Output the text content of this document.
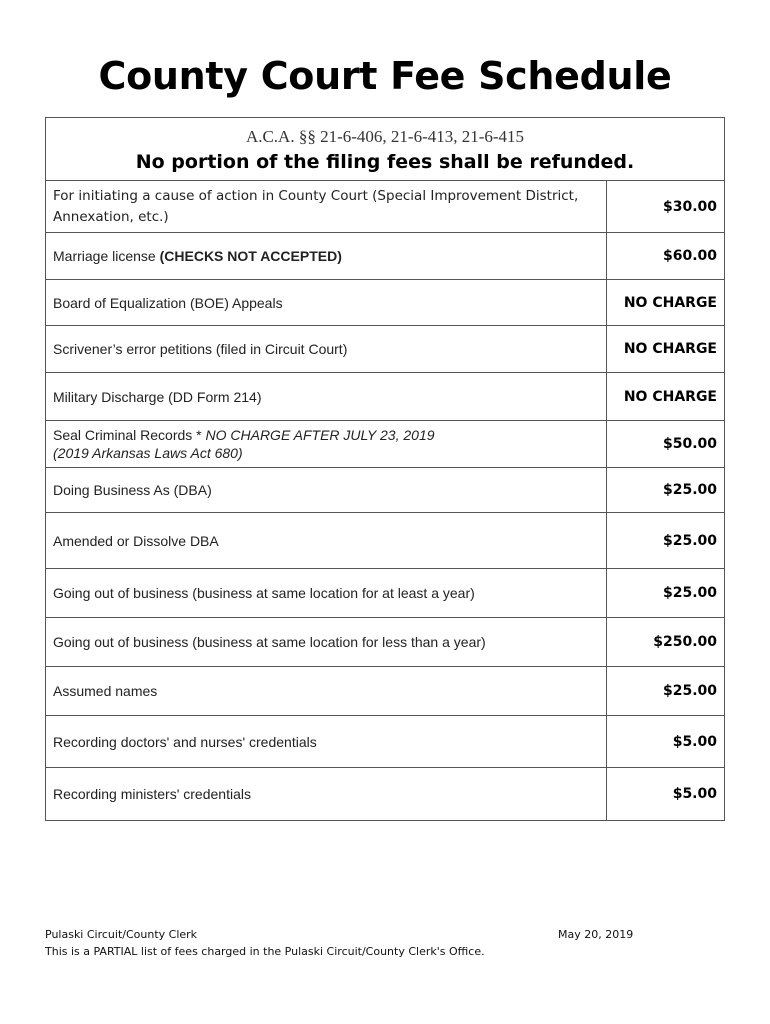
County Court Fee Schedule
A.C.A. §§ 21-6-406, 21-6-413, 21-6-415
No portion of the filing fees shall be refunded.	

For initiating a cause of action in County Court (Special Improvement District, Annexation, etc.)	$30.00
Marriage license (CHECKS NOT ACCEPTED)	$60.00
Board of Equalization (BOE) Appeals	NO CHARGE
Scrivener’s error petitions (filed in Circuit Court)	NO CHARGE
Military Discharge (DD Form 214)	NO CHARGE
Seal Criminal Records * NO CHARGE AFTER JULY 23, 2019
(2019 Arkansas Laws Act 680)	$50.00
Doing Business As (DBA)	$25.00
Amended or Dissolve DBA	$25.00
Going out of business (business at same location for at least a year)	$25.00
Going out of business (business at same location for less than a year)	$250.00
Assumed names	$25.00
Recording doctors' and nurses' credentials	$5.00
Recording ministers' credentials	$5.00
Pulaski Circuit/County Clerk
This is a PARTIAL list of fees charged in the Pulaski Circuit/County Clerk's Office.
May 20, 2019
